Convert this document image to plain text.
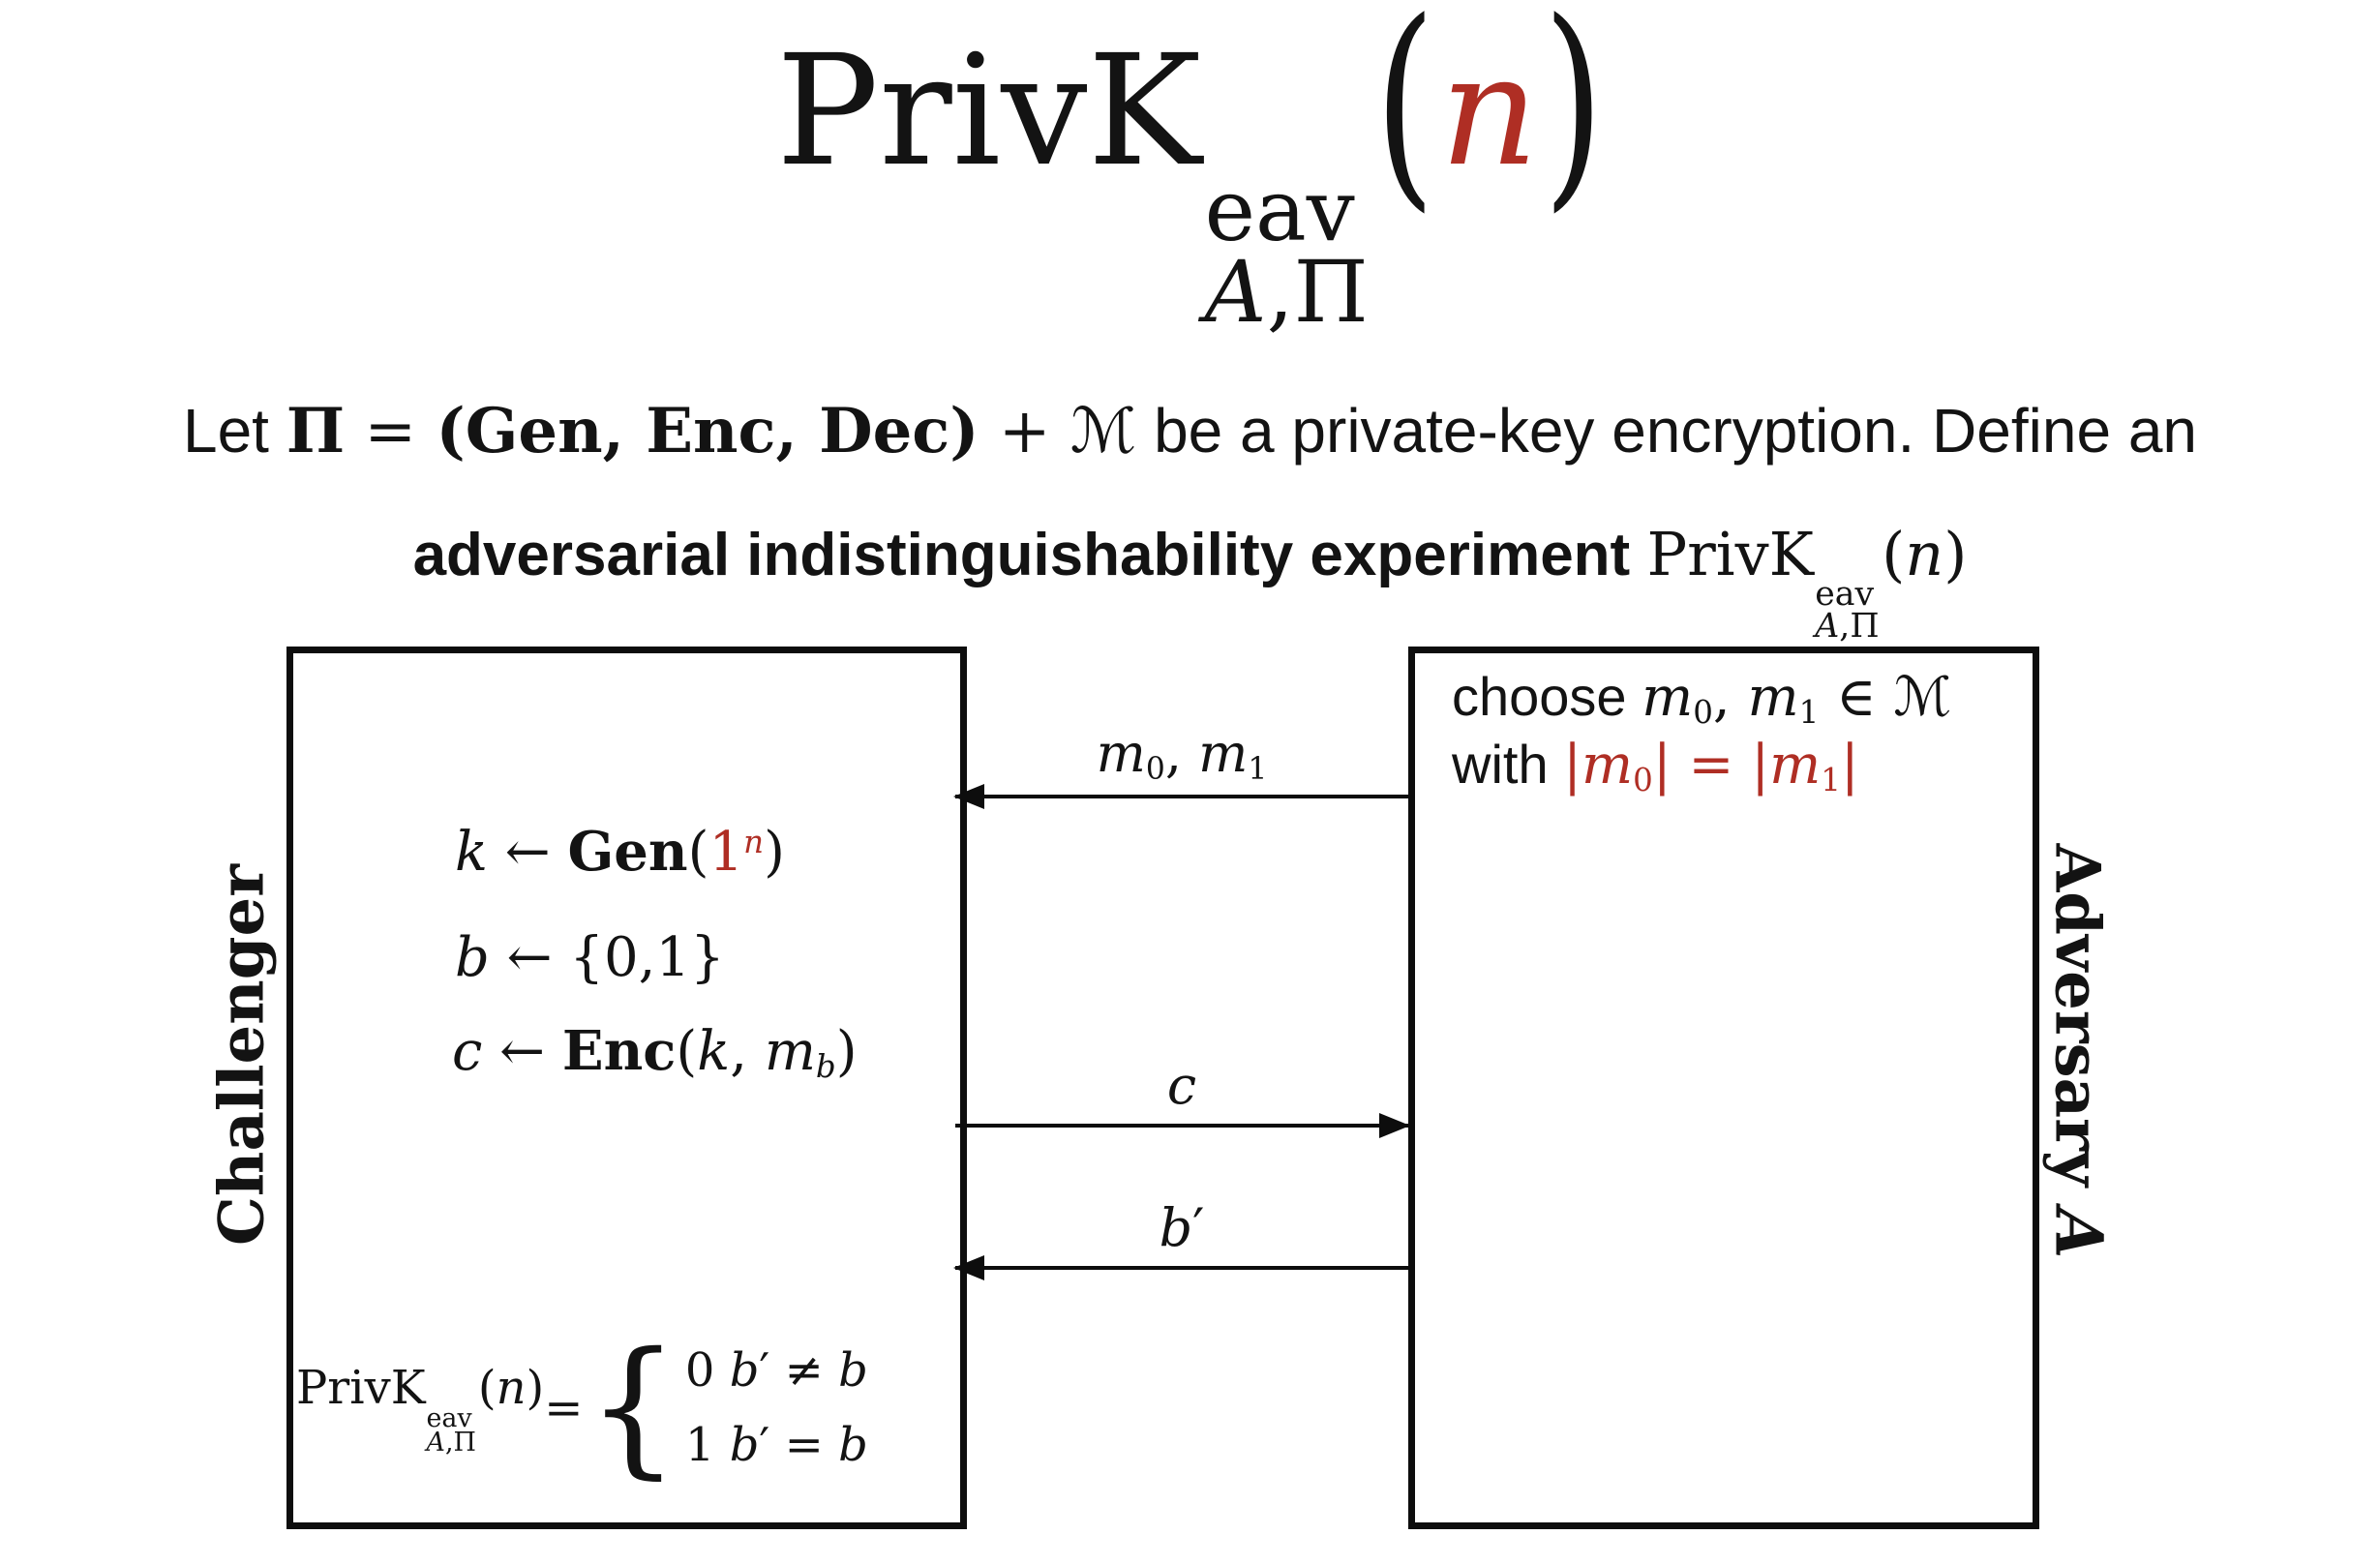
PrivK
eav
A,Π
(n)
Let Π = (Gen, Enc, Dec) + ℳ be a private-key encryption. Define an
adversarial indistinguishability experiment PrivK
eav
A,Π
(n)
Challenger
k ← Gen(1$^n$)
b ← {0,1}
c ← Enc(k, mb)
PrivK
eav
A,Π
(n) = { 0 b′ ≠ b
1 b′ = b
Adversary A
choose m0, m1 ∈ ℳ
with |m0| = |m1|
m0, m1
c
b′
